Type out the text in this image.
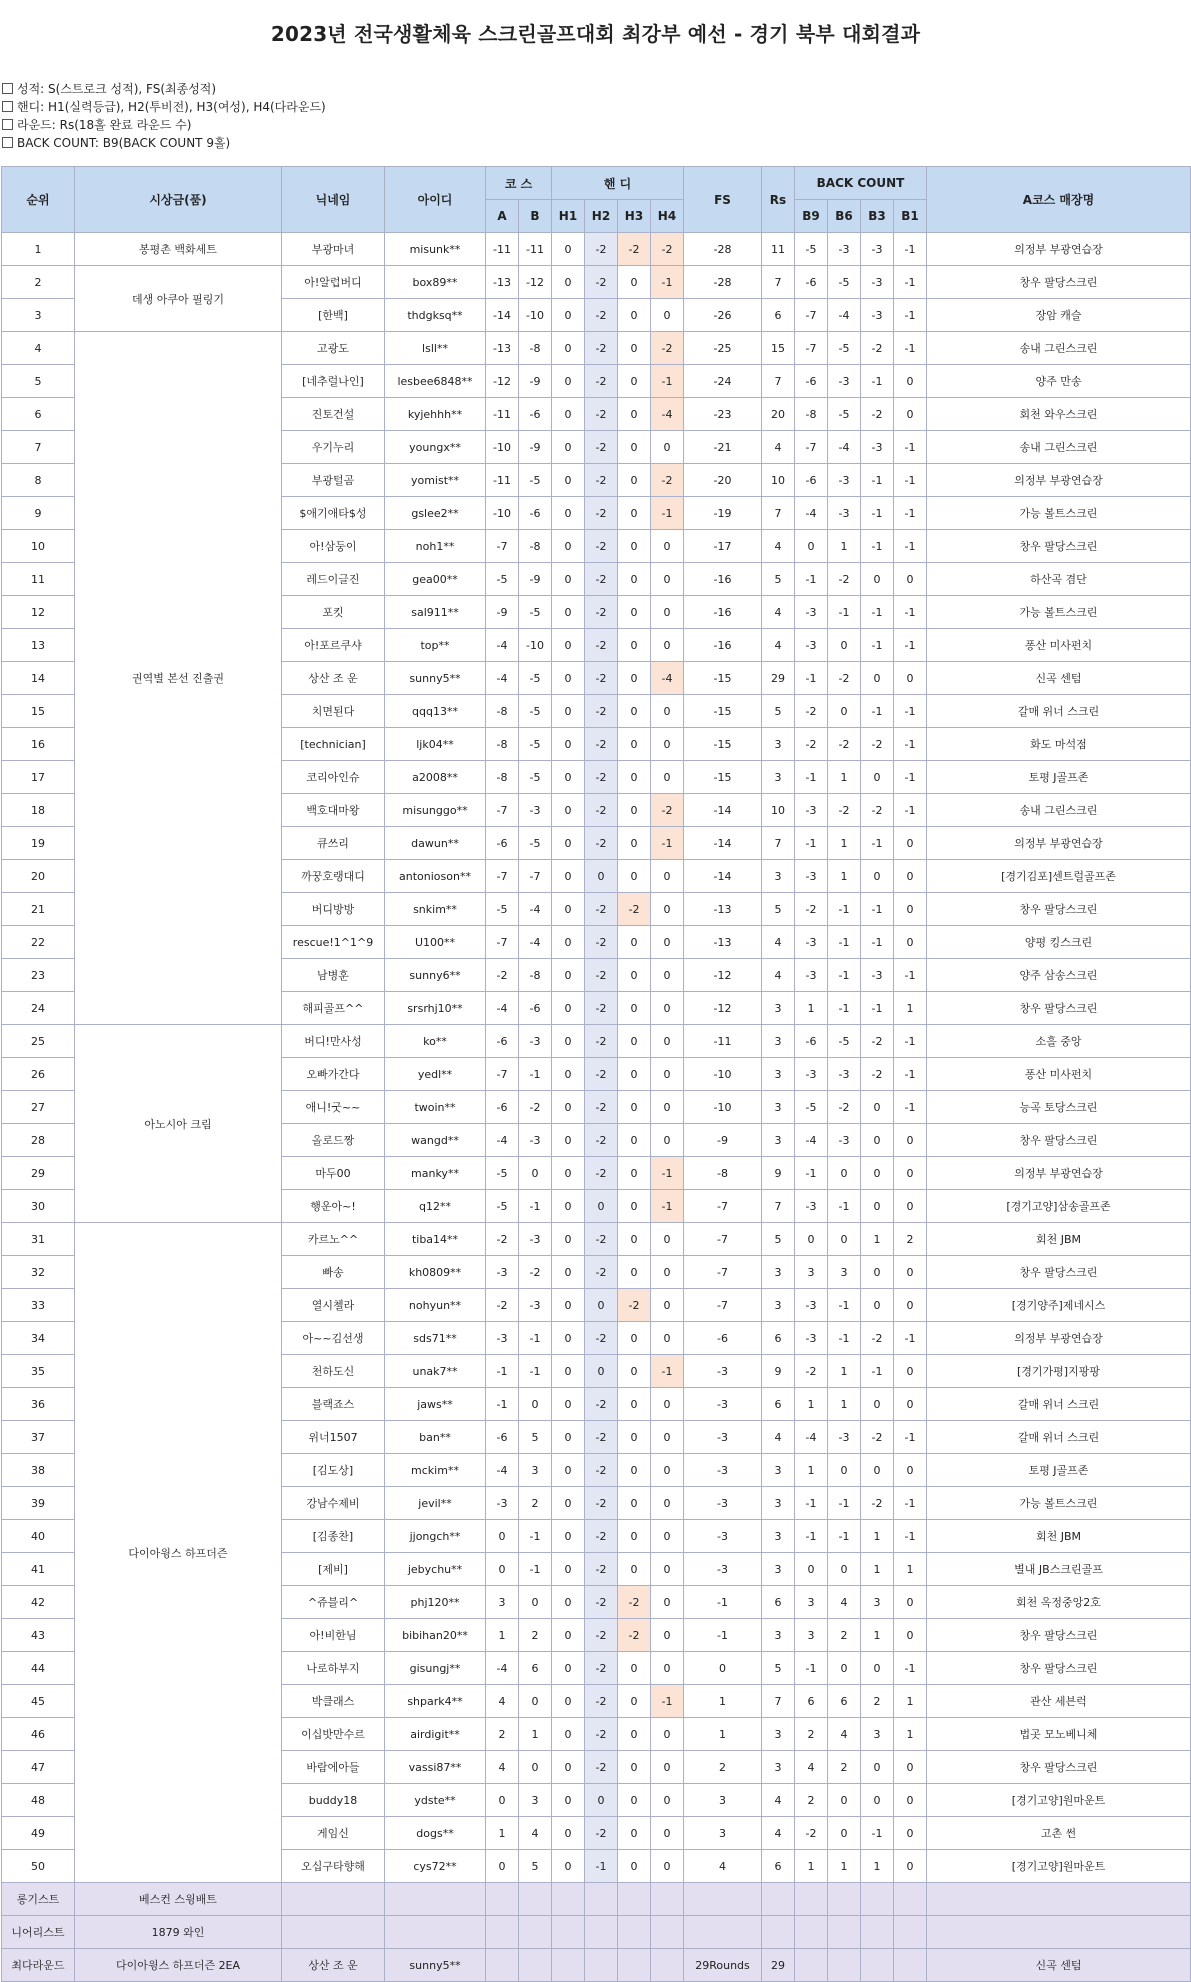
2023년 전국생활체육 스크린골프대회 최강부 예선 - 경기 북부 대회결과
성적: S(스트로크 성적), FS(최종성적)
핸디: H1(실력등급), H2(투비전), H3(여성), H4(다라운드)
라운드: Rs(18홀 완료 라운드 수)
BACK COUNT: B9(BACK COUNT 9홀)
순위	시상금(품)	닉네임	아이디	코 스		핸 디				FS	Rs	BACK COUNT				A코스 매장명
				A	B	H1	H2	H3	H4			B9	B6	B3	B1	
1	봉평촌 백화세트	부광마녀	misunk**	-11	-11	0	-2	-2	-2	-28	11	-5	-3	-3	-1	의정부 부광연습장
2	데생 아쿠아 필링기	아!알럽버디	box89**	-13	-12	0	-2	0	-1	-28	7	-6	-5	-3	-1	창우 팔당스크린
3		[한백]	thdgksq**	-14	-10	0	-2	0	0	-26	6	-7	-4	-3	-1	장암 캐슬
4	권역별 본선 진출권	고광도	lsll**	-13	-8	0	-2	0	-2	-25	15	-7	-5	-2	-1	송내 그린스크린
5		[네추럴나인]	lesbee6848**	-12	-9	0	-2	0	-1	-24	7	-6	-3	-1	0	양주 만송
6		진토건설	kyjehhh**	-11	-6	0	-2	0	-4	-23	20	-8	-5	-2	0	회천 와우스크린
7		우기누리	youngx**	-10	-9	0	-2	0	0	-21	4	-7	-4	-3	-1	송내 그린스크린
8		부광털곰	yomist**	-11	-5	0	-2	0	-2	-20	10	-6	-3	-1	-1	의정부 부광연습장
9		$애기애타$성	gslee2**	-10	-6	0	-2	0	-1	-19	7	-4	-3	-1	-1	가능 볼트스크린
10		아!삼둥이	noh1**	-7	-8	0	-2	0	0	-17	4	0	1	-1	-1	창우 팔당스크린
11		레드이글진	gea00**	-5	-9	0	-2	0	0	-16	5	-1	-2	0	0	하산곡 겸단
12		포킷	sal911**	-9	-5	0	-2	0	0	-16	4	-3	-1	-1	-1	가능 볼트스크린
13		아!포르쿠샤	top**	-4	-10	0	-2	0	0	-16	4	-3	0	-1	-1	퐁산 미사펀치
14		상산 조 운	sunny5**	-4	-5	0	-2	0	-4	-15	29	-1	-2	0	0	신곡 센텀
15		치면된다	qqq13**	-8	-5	0	-2	0	0	-15	5	-2	0	-1	-1	갈매 위너 스크린
16		[technician]	ljk04**	-8	-5	0	-2	0	0	-15	3	-2	-2	-2	-1	화도 마석점
17		코리아인슈	a2008**	-8	-5	0	-2	0	0	-15	3	-1	1	0	-1	토평 J골프존
18		백호대마왕	misunggo**	-7	-3	0	-2	0	-2	-14	10	-3	-2	-2	-1	송내 그린스크린
19		큐쓰리	dawun**	-6	-5	0	-2	0	-1	-14	7	-1	1	-1	0	의정부 부광연습장
20		까꿍호랭대디	antonioson**	-7	-7	0	0	0	0	-14	3	-3	1	0	0	[경기김포]센트럴골프존
21		버디방방	snkim**	-5	-4	0	-2	-2	0	-13	5	-2	-1	-1	0	창우 팔당스크린
22		rescue!1^1^9	U100**	-7	-4	0	-2	0	0	-13	4	-3	-1	-1	0	양평 킹스크린
23		남병훈	sunny6**	-2	-8	0	-2	0	0	-12	4	-3	-1	-3	-1	양주 삼송스크린
24		해피골프^^	srsrhj10**	-4	-6	0	-2	0	0	-12	3	1	-1	-1	1	창우 팔당스크린
25	아노시아 크림	버디!만사성	ko**	-6	-3	0	-2	0	0	-11	3	-6	-5	-2	-1	소흘 중앙
26		오빠가간다	yedl**	-7	-1	0	-2	0	0	-10	3	-3	-3	-2	-1	퐁산 미사펀치
27		애니!굿~~	twoin**	-6	-2	0	-2	0	0	-10	3	-5	-2	0	-1	능곡 토당스크린
28		올로드짱	wangd**	-4	-3	0	-2	0	0	-9	3	-4	-3	0	0	창우 팔당스크린
29		마두00	manky**	-5	0	0	-2	0	-1	-8	9	-1	0	0	0	의정부 부광연습장
30		행운아~!	q12**	-5	-1	0	0	0	-1	-7	7	-3	-1	0	0	[경기고양]삼송골프존
31	다이아윙스 하프더즌	카르노^^	tiba14**	-2	-3	0	-2	0	0	-7	5	0	0	1	2	회천 JBM
32		빠송	kh0809**	-3	-2	0	-2	0	0	-7	3	3	3	0	0	창우 팔당스크린
33		열시첼라	nohyun**	-2	-3	0	0	-2	0	-7	3	-3	-1	0	0	[경기양주]제네시스
34		아~~김선생	sds71**	-3	-1	0	-2	0	0	-6	6	-3	-1	-2	-1	의정부 부광연습장
35		천하도신	unak7**	-1	-1	0	0	0	-1	-3	9	-2	1	-1	0	[경기가평]지팡팡
36		블랙죠스	jaws**	-1	0	0	-2	0	0	-3	6	1	1	0	0	갈매 위너 스크린
37		위너1507	ban**	-6	5	0	-2	0	0	-3	4	-4	-3	-2	-1	갈매 위너 스크린
38		[김도상]	mckim**	-4	3	0	-2	0	0	-3	3	1	0	0	0	토평 J골프존
39		강남수제비	jevil**	-3	2	0	-2	0	0	-3	3	-1	-1	-2	-1	가능 볼트스크린
40		[김종찬]	jjongch**	0	-1	0	-2	0	0	-3	3	-1	-1	1	-1	회천 JBM
41		[제비]	jebychu**	0	-1	0	-2	0	0	-3	3	0	0	1	1	별내 JB스크린골프
42		^쥬블리^	phj120**	3	0	0	-2	-2	0	-1	6	3	4	3	0	회천 옥정중앙2호
43		아!비한님	bibihan20**	1	2	0	-2	-2	0	-1	3	3	2	1	0	창우 팔당스크린
44		나로하부지	gisungj**	-4	6	0	-2	0	0	0	5	-1	0	0	-1	창우 팔당스크린
45		박클래스	shpark4**	4	0	0	-2	0	-1	1	7	6	6	2	1	관산 세븐럭
46		이십밧만수르	airdigit**	2	1	0	-2	0	0	1	3	2	4	3	1	법곳 모노베니체
47		바람에아들	vassi87**	4	0	0	-2	0	0	2	3	4	2	0	0	창우 팔당스크린
48		buddy18	ydste**	0	3	0	0	0	0	3	4	2	0	0	0	[경기고양]원마운트
49		게임신	dogs**	1	4	0	-2	0	0	3	4	-2	0	-1	0	고촌 썬
50		오십구타향해	cys72**	0	5	0	-1	0	0	4	6	1	1	1	0	[경기고양]원마운트
롱기스트	베스컨 스윙배트															
니어리스트	1879 와인															
최다라운드	다이아윙스 하프더즌 2EA	상산 조 운	sunny5**							29Rounds	29					신곡 센텀
